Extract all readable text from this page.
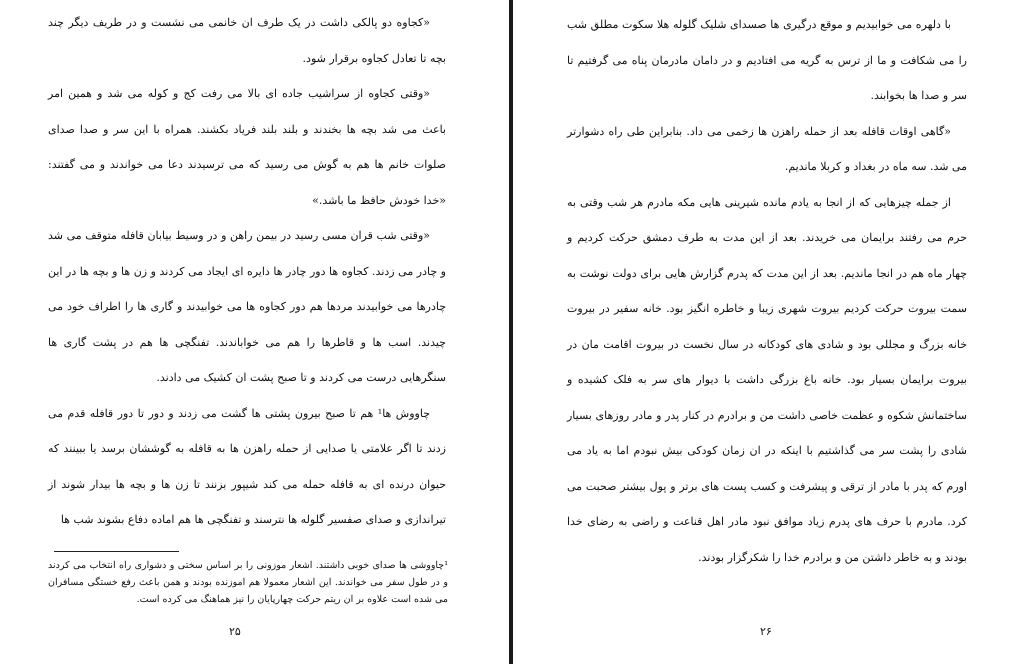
«کجاوه دو پالکی داشت در یک طرف ان خانمی می نشست و در طریف دیگر چند بچه تا تعادل کجاوه برقرار شود.

«وقتی کجاوه از سراشیب جاده ای بالا می رفت کج و کوله می شد و همین امر باعث می شد بچه ها بخندند و بلند بلند فریاد بکشند. همراه با این سر و صدا صدای صلوات خانم ها هم به گوش می رسید که می ترسیدند دعا می خواندند و می گفتند: «خدا خودش حافظ ما باشد.»

«وقتی شب قران مسی رسید در بیمن راهن و در وسیط بیابان قافله متوقف می شد و چادر می زدند. کجاوه ها دور چادر ها دایره ای ایجاد می کردند و زن ها و بچه ها در این چادرها می خوابیدند مردها هم دور کجاوه ها می خوابیدند و گاری ها را اطراف خود می چیدند. اسب ها و قاطرها را هم می خواباندند. تفنگچی ها هم در پشت گاری ها سنگرهایی درست می کردند و تا صبح پشت ان کشیک می دادند.

چاووش ها¹ هم تا صبح بیرون پشتی ها گشت می زدند و دور تا دور قافله قدم می زدند تا اگر علامتی یا صدایی از حمله راهزن ها به قافله به گوششان برسد یا ببینند که حیوان درنده ای به قافله حمله می کند شیپور بزنند تا زن ها و بچه ها بیدار شوند از تیراندازی و صدای صفسیر گلوله ها نترسند و تفنگچی ها هم اماده دفاع بشوند شب ها

¹چاووشی ها صدای خوبی داشتند. اشعار موزونی را بر اساس سختی و دشواری راه انتخاب می کردند و در طول سفر می خواندند. این اشعار معمولا هم اموزنده بودند و همن باعث رفع خستگی مسافران می شده است علاوه بر ان ریتم حرکت چهارپایان را نیز هماهنگ می کرده است.

۲۵

با دلهره می خوابیدیم و موقع درگیری ها صسدای شلیک گلوله هلا سکوت مطلق شب را می شکافت و ما از ترس به گریه می افتادیم و در دامان مادرمان پناه می گرفتیم تا سر و صدا ها بخوابند.

«گاهی اوقات قافله بعد از حمله راهزن ها زخمی می داد. بنابراین طی راه دشوارتر می شد. سه ماه در بغداد و کربلا ماندیم.

از جمله چیزهایی که از انجا به یادم مانده شیرینی هایی مکه مادرم هر شب وقتی به حرم می رفتند برایمان می خریدند. بعد از این مدت به طرف دمشق حرکت کردیم و چهار ماه هم در انجا ماندیم. بعد از این مدت که پدرم گزارش هایی برای دولت نوشت به سمت بیروت حرکت کردیم بیروت شهری زیبا و خاطره انگیز بود. خانه سفیر در بیروت خانه بزرگ و مجللی بود و شادی های کودکانه در سال نخست در بیروت اقامت مان در بیروت برایمان بسیار بود. خانه باغ بزرگی داشت با دیوار های سر به فلک کشیده و ساختمانش شکوه و عظمت خاصی داشت من و برادرم در کنار پدر و مادر روزهای بسیار شادی را پشت سر می گذاشتیم با اینکه در ان زمان کودکی بیش نبودم اما به یاد می اورم که پدر با مادر از ترقی و پیشرفت و کسب پست های برتر و پول بیشتر صحبت می کرد. مادرم با حرف های پدرم زیاد موافق نبود مادر اهل قناعت و راضی به رضای خدا بودند و به خاطر داشتن من و برادرم خدا را شکرگزار بودند.

۲۶
